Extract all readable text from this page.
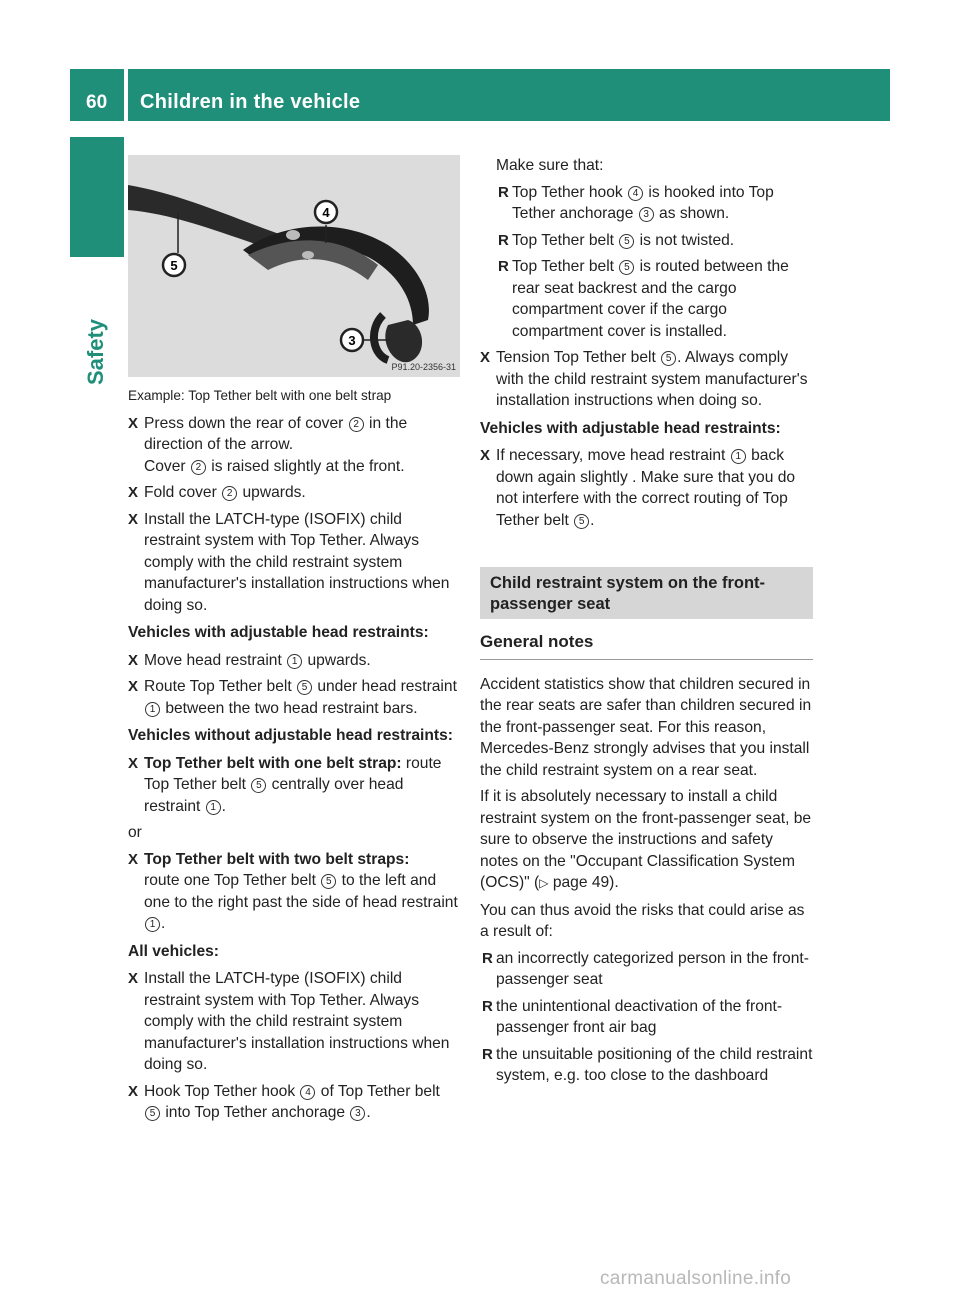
60 Children in the vehicle
Safety
5
4
3
P91.20-2356-31
Example: Top Tether belt with one belt strap
X Press down the rear of cover 2 in the direction of the arrow.
Cover 2 is raised slightly at the front.
X Fold cover 2 upwards.
X Install the LATCH-type (ISOFIX) child restraint system with Top Tether. Always comply with the child restraint system manufacturer's installation instructions when doing so.
Vehicles with adjustable head restraints:
X Move head restraint 1 upwards.
X Route Top Tether belt 5 under head restraint 1 between the two head restraint bars.
Vehicles without adjustable head restraints:
X Top Tether belt with one belt strap: route Top Tether belt 5 centrally over head restraint 1 .

or

X Top Tether belt with two belt straps:
route one Top Tether belt 5 to the left and one to the right past the side of head restraint 1 .
All vehicles:
X Install the LATCH-type (ISOFIX) child restraint system with Top Tether. Always comply with the child restraint system manufacturer's installation instructions when doing so.
X Hook Top Tether hook 4 of Top Tether belt
5 into Top Tether anchorage 3 .

Make sure that:

R Top Tether hook 4 is hooked into Top Tether anchorage 3 as shown.
R Top Tether belt 5 is not twisted.
R Top Tether belt 5 is routed between the rear seat backrest and the cargo compartment cover if the cargo compartment cover is installed.
X Tension Top Tether belt 5 . Always comply with the child restraint system manufacturer's installation instructions when doing so.
Vehicles with adjustable head restraints:
X If necessary, move head restraint 1 back down again slightly . Make sure that you do not interfere with the correct routing of Top Tether belt 5 .
Child restraint system on the front-passenger seat
General notes

Accident statistics show that children secured in the rear seats are safer than children secured in the front-passenger seat. For this reason, Mercedes-Benz strongly advises that you install the child restraint system on a rear seat.

If it is absolutely necessary to install a child restraint system on the front-passenger seat, be sure to observe the instructions and safety notes on the "Occupant Classification System (OCS)" (▷ page 49).

You can thus avoid the risks that could arise as a result of:

R an incorrectly categorized person in the front-passenger seat
R the unintentional deactivation of the front-passenger front air bag
R the unsuitable positioning of the child restraint system, e.g. too close to the dashboard
carmanualsonline.info
